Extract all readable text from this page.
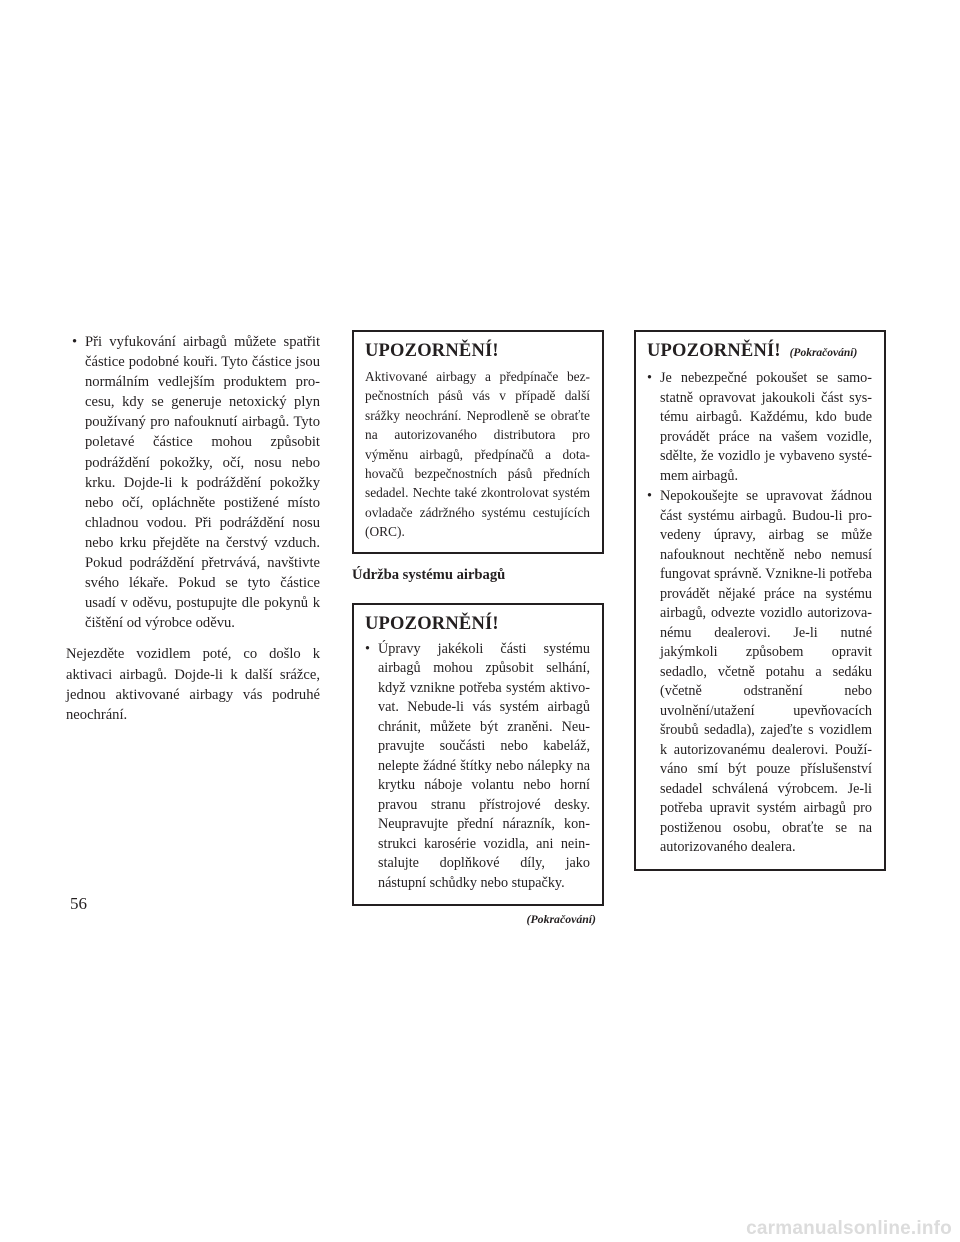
• Při vyfukování airbagů můžete spatřit částice podobné kouři. Tyto částice jsou normálním vedlejším produktem procesu, kdy se generuje netoxický plyn používaný pro nafouknutí airbagů. Tyto poletavé částice mohou způsobit podráždění pokožky, očí, nosu nebo krku. Dojde-li k podráždění pokožky nebo očí, opláchněte postižené místo chladnou vodou. Při podráždění nosu nebo krku přejděte na čerstvý vzduch. Pokud podráždění přetrvává, navštivte svého lékaře. Pokud se tyto částice usadí v oděvu, postupujte dle pokynů k čištění od výrobce oděvu.

Nejezděte vozidlem poté, co došlo k aktivaci airbagů. Dojde-li k další srážce, jednou aktivované airbagy vás podruhé neochrání.

UPOZORNĚNÍ!

Aktivované airbagy a předpínače bezpečnostních pásů vás v případě další srážky neochrání. Neprodleně se obraťte na autorizovaného distributora pro výměnu airbagů, předpínačů a dotahovačů bezpečnostních pásů předních sedadel. Nechte také zkontrolovat systém ovladače zádržného systému cestujících (ORC).

Údržba systému airbagů
UPOZORNĚNÍ!
• Úpravy jakékoli části systému airbagů mohou způsobit selhání, když vznikne potřeba systém aktivovat. Nebude-li vás systém airbagů chránit, můžete být zraněni. Neupravujte součásti nebo kabeláž, nelepte žádné štítky nebo nálepky na krytku náboje volantu nebo horní pravou stranu přístrojové desky. Neupravujte přední nárazník, konstrukci karosérie vozidla, ani neinstalujte doplňkové díly, jako nástupní schůdky nebo stupačky.
(Pokračování)
UPOZORNĚNÍ! (Pokračování)
• Je nebezpečné pokoušet se samostatně opravovat jakoukoli část systému airbagů. Každému, kdo bude provádět práce na vašem vozidle, sdělte, že vozidlo je vybaveno systémem airbagů.
• Nepokoušejte se upravovat žádnou část systému airbagů. Budou-li provedeny úpravy, airbag se může nafouknout nechtěně nebo nemusí fungovat správně. Vznikne-li potřeba provádět nějaké práce na systému airbagů, odvezte vozidlo autorizovanému dealerovi. Je-li nutné jakýmkoli způsobem opravit sedadlo, včetně potahu a sedáku (včetně odstranění nebo uvolnění/utažení upevňovacích šroubů sedadla), zajeďte s vozidlem k autorizovanému dealerovi. Používáno smí být pouze příslušenství sedadel schválená výrobcem. Je-li potřeba upravit systém airbagů pro postiženou osobu, obraťte se na autorizovaného dealera.
56
carmanualsonline.info
